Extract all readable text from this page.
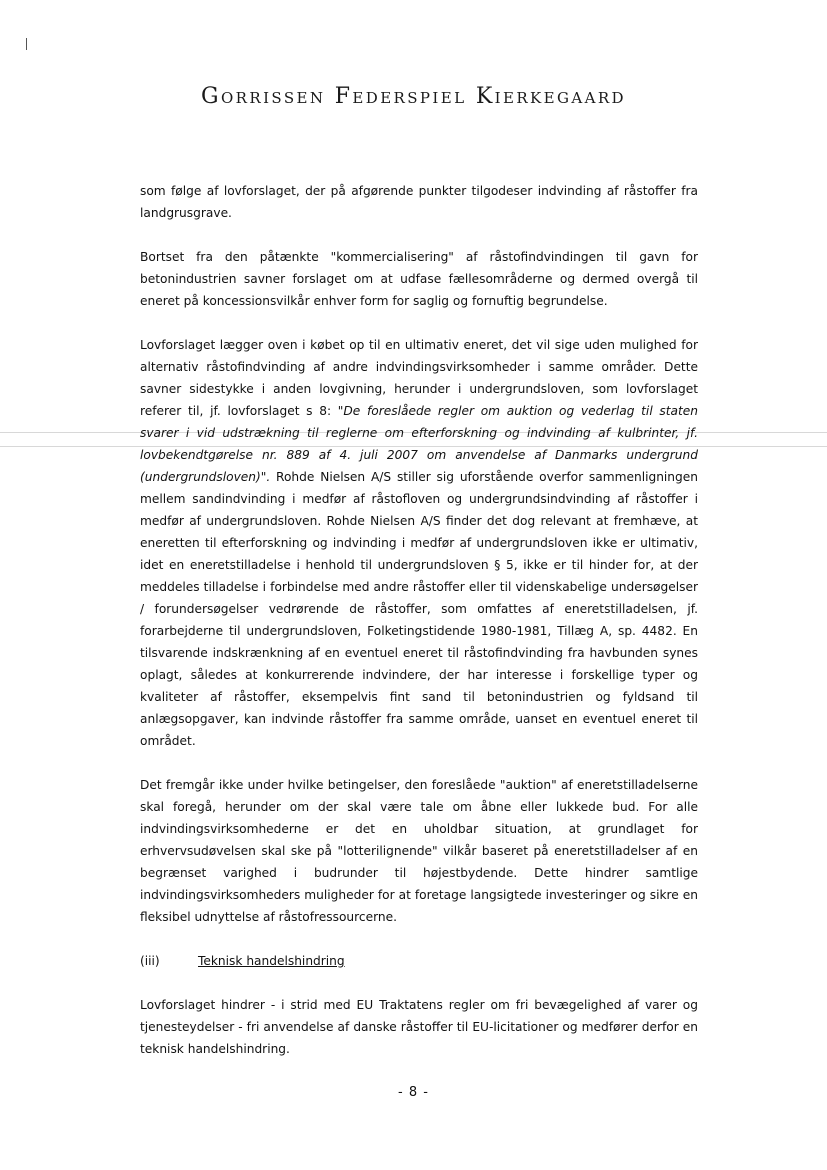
Gorrissen Federspiel Kierkegaard

som følge af lovforslaget, der på afgørende punkter tilgodeser indvinding af råstoffer fra landgrusgrave.

Bortset fra den påtænkte "kommercialisering" af råstofindvindingen til gavn for betonindustrien savner forslaget om at udfase fællesområderne og dermed overgå til eneret på koncessionsvilkår enhver form for saglig og fornuftig begrundelse.

Lovforslaget lægger oven i købet op til en ultimativ eneret, det vil sige uden mulighed for alternativ råstofindvinding af andre indvindingsvirksomheder i samme områder. Dette savner sidestykke i anden lovgivning, herunder i undergrundsloven, som lovforslaget referer til, jf. lovforslaget s 8: "De foreslåede regler om auktion og vederlag til staten svarer i vid udstrækning til reglerne om efterforskning og indvinding af kulbrinter, jf. lovbekendtgørelse nr. 889 af 4. juli 2007 om anvendelse af Danmarks undergrund (undergrundsloven)". Rohde Nielsen A/S stiller sig uforstående overfor sammenligningen mellem sandindvinding i medfør af råstofloven og undergrundsindvinding af råstoffer i medfør af undergrundsloven. Rohde Nielsen A/S finder det dog relevant at fremhæve, at eneretten til efterforskning og indvinding i medfør af undergrundsloven ikke er ultimativ, idet en eneretstilladelse i henhold til undergrundsloven § 5, ikke er til hinder for, at der meddeles tilladelse i forbindelse med andre råstoffer eller til videnskabelige undersøgelser / forundersøgelser vedrørende de råstoffer, som omfattes af eneretstilladelsen, jf. forarbejderne til undergrundsloven, Folketingstidende 1980-1981, Tillæg A, sp. 4482. En tilsvarende indskrænkning af en eventuel eneret til råstofindvinding fra havbunden synes oplagt, således at konkurrerende indvindere, der har interesse i forskellige typer og kvaliteter af råstoffer, eksempelvis fint sand til betonindustrien og fyldsand til anlægsopgaver, kan indvinde råstoffer fra samme område, uanset en eventuel eneret til området.

Det fremgår ikke under hvilke betingelser, den foreslåede "auktion" af eneretstilladelserne skal foregå, herunder om der skal være tale om åbne eller lukkede bud. For alle indvindingsvirksomhederne er det en uholdbar situation, at grundlaget for erhvervsudøvelsen skal ske på "lotterilignende" vilkår baseret på eneretstilladelser af en begrænset varighed i budrunder til højestbydende. Dette hindrer samtlige indvindingsvirksomheders muligheder for at foretage langsigtede investeringer og sikre en fleksibel udnyttelse af råstofressourcerne.

(iii)	Teknisk handelshindring

Lovforslaget hindrer - i strid med EU Traktatens regler om fri bevægelighed af varer og tjenesteydelser - fri anvendelse af danske råstoffer til EU-licitationer og medfører derfor en teknisk handelshindring.

- 8 -
